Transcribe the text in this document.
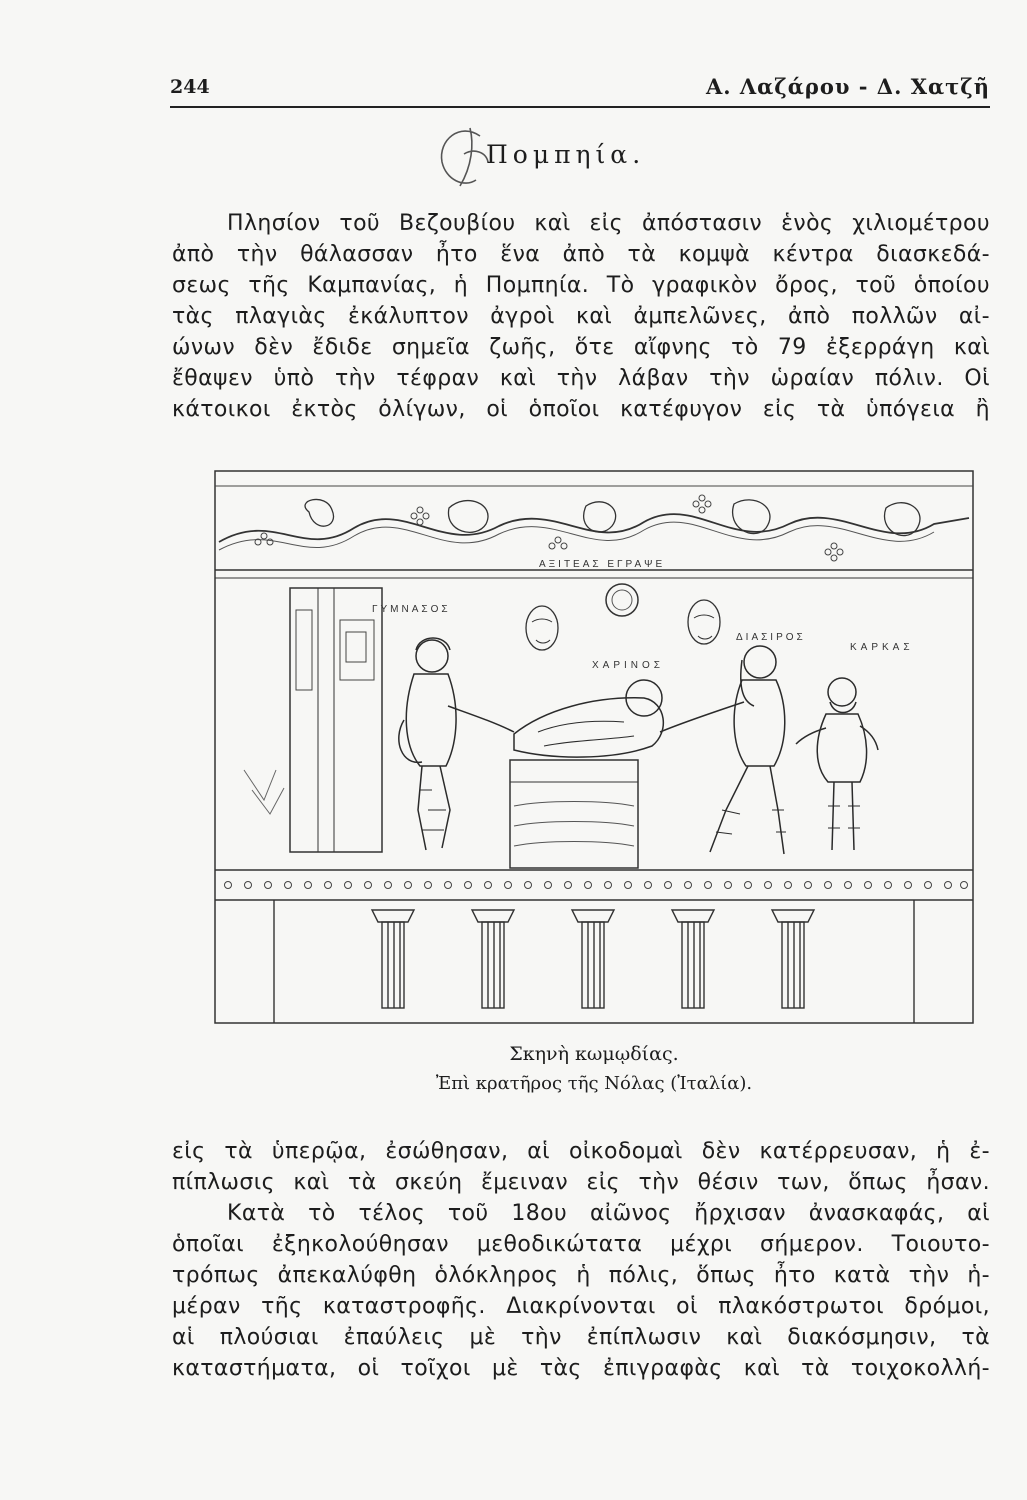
244	Α. Λαζάρου - Δ. Χατζῆ
Πομπηία.
Πλησίον τοῦ Βεζουβίου καὶ εἰς ἀπόστασιν ἑνὸς χιλιομέτρου
ἀπὸ τὴν θάλασσαν ἦτο ἕνα ἀπὸ τὰ κομψὰ κέντρα διασκεδά-
σεως τῆς Καμπανίας, ἡ Πομπηία. Τὸ γραφικὸν ὄρος, τοῦ ὁποίου
τὰς πλαγιὰς ἐκάλυπτον ἀγροὶ καὶ ἀμπελῶνες, ἀπὸ πολλῶν αἰ-
ώνων δὲν ἔδιδε σημεῖα ζωῆς, ὅτε αἴφνης τὸ 79 ἐξερράγη καὶ
ἔθαψεν ὑπὸ τὴν τέφραν καὶ τὴν λάβαν τὴν ὡραίαν πόλιν. Οἱ
κάτοικοι ἐκτὸς ὀλίγων, οἱ ὁποῖοι κατέφυγον εἰς τὰ ὑπόγεια ἢ
ΑΞΙΤΕΑΣ ΕΓΡΑΨΕ
ΓΥΜΝΑΣΟΣ
ΧΑΡΙΝΟΣ
ΔΙΑΣΙΡΟΣ
ΚΑΡΚΑΣ
Σκηνὴ κωμῳδίας.
Ἐπὶ κρατῆρος τῆς Νόλας (Ἰταλία).
εἰς τὰ ὑπερῷα, ἐσώθησαν, αἱ οἰκοδομαὶ δὲν κατέρρευσαν, ἡ ἐ-
πίπλωσις καὶ τὰ σκεύη ἔμειναν εἰς τὴν θέσιν των, ὅπως ἦσαν.
Κατὰ τὸ τέλος τοῦ 18ου αἰῶνος ἤρχισαν ἀνασκαφάς, αἱ
ὁποῖαι ἐξηκολούθησαν μεθοδικώτατα μέχρι σήμερον. Τοιουτο-
τρόπως ἀπεκαλύφθη ὁλόκληρος ἡ πόλις, ὅπως ἦτο κατὰ τὴν ἡ-
μέραν τῆς καταστροφῆς. Διακρίνονται οἱ πλακόστρωτοι δρόμοι,
αἱ πλούσιαι ἐπαύλεις μὲ τὴν ἐπίπλωσιν καὶ διακόσμησιν, τὰ
καταστήματα, οἱ τοῖχοι μὲ τὰς ἐπιγραφὰς καὶ τὰ τοιχοκολλή-
